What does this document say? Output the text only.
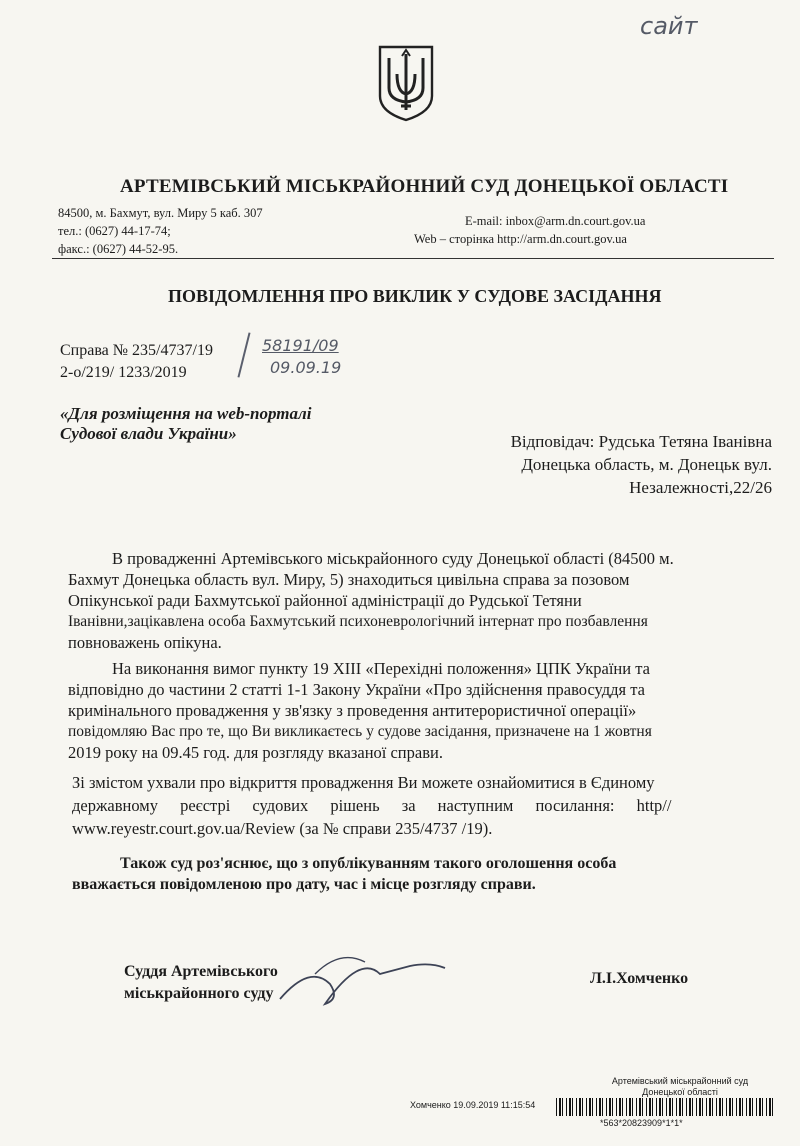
сайт
АРТЕМІВСЬКИЙ МІСЬКРАЙОННИЙ СУД ДОНЕЦЬКОЇ ОБЛАСТІ
84500, м. Бахмут, вул. Миру 5 каб. 307
тел.: (0627) 44-17-74;
факс.: (0627) 44-52-95.
E-mail: inbox@arm.dn.court.gov.ua
Web – сторінка http://arm.dn.court.gov.ua
ПОВІДОМЛЕННЯ ПРО ВИКЛИК У СУДОВЕ ЗАСІДАННЯ
Справа № 235/4737/19
2-о/219/ 1233/2019
58191/09
09.09.19
«Для розміщення на web-порталі
Судової влади України»	Відповідач: Рудська Тетяна Іванівна
Донецька область, м. Донецьк вул.
Незалежності,22/26
В провадженні Артемівського міськрайонного суду Донецької області (84500 м.
Бахмут Донецька область вул. Миру, 5) знаходиться цивільна справа за позовом
Опікунської ради Бахмутської районної адміністрації до Рудської Тетяни
Іванівни,зацікавлена особа Бахмутський психоневрологічний інтернат про позбавлення
повноважень опікуна.
На виконання вимог пункту 19 XIII «Перехідні положення» ЦПК України та
відповідно до частини 2 статті 1-1 Закону України «Про здійснення правосуддя та
кримінального провадження у зв'язку з проведення антитерористичної операції»
повідомляю Вас про те, що Ви викликаєтесь у судове засідання, призначене на 1 жовтня
2019 року на 09.45 год. для розгляду вказаної справи.
Зі змістом ухвали про відкриття провадження Ви можете ознайомитися в Єдиному
державному реєстрі судових рішень за наступним посилання: http//
www.reyestr.court.gov.ua/Review (за № справи 235/4737 /19).
Також суд роз'яснює, що з опублікуванням такого оголошення особа
вважається повідомленою про дату, час і місце розгляду справи.
Суддя Артемівського
міськрайонного суду
Л.І.Хомченко
Артемівський міськрайонний суд
Донецької області
Хомченко 19.09.2019 11:15:54
*563*20823909*1*1*
